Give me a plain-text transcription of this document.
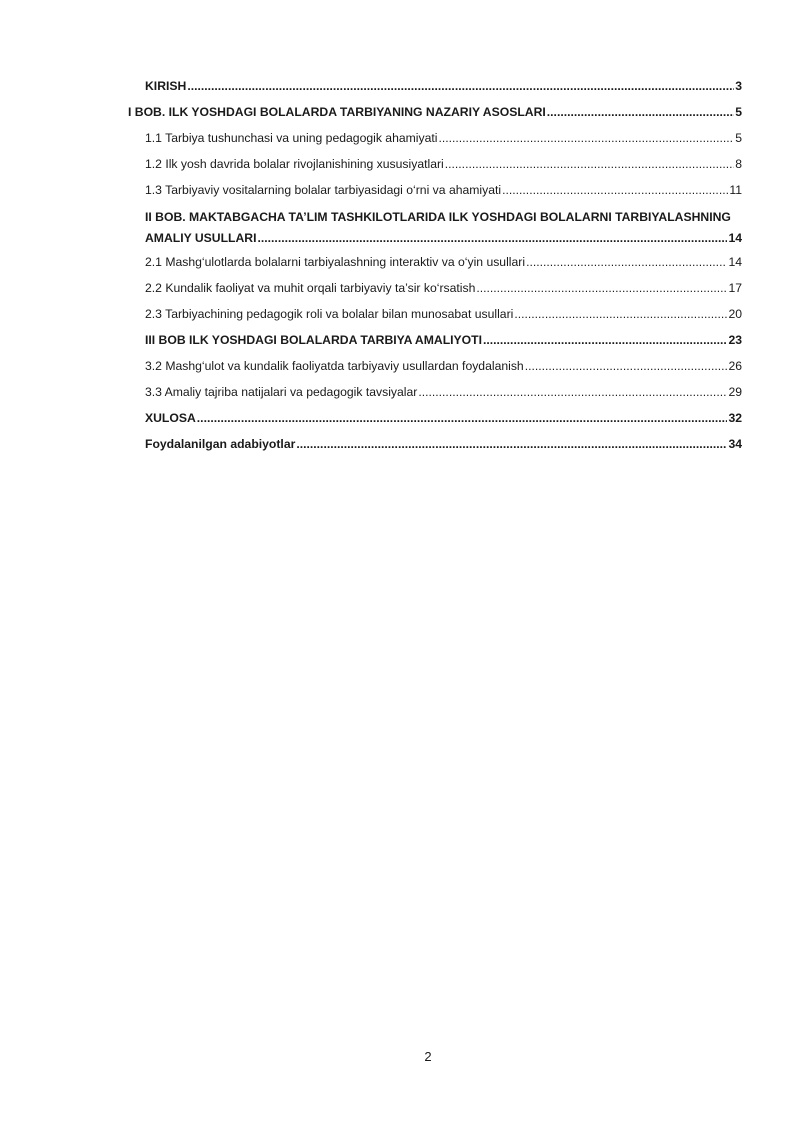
KIRISH .....	3
I BOB. ILK YOSHDAGI BOLALARDA TARBIYANING NAZARIY ASOSLARI .....	5
1.1 Tarbiya tushunchasi va uning pedagogik ahamiyati .....	5
1.2 Ilk yosh davrida bolalar rivojlanishining xususiyatlari .....	8
1.3 Tarbiyaviy vositalarning bolalar tarbiyasidagi o‘rni va ahamiyati .....	11
II BOB. MAKTABGACHA TA’LIM TASHKILOTLARIDA ILK YOSHDAGI BOLALARNI TARBIYALASHNING
AMALIY USULLARI .....	14
2.1 Mashg‘ulotlarda bolalarni tarbiyalashning interaktiv va o‘yin usullari .....	14
2.2 Kundalik faoliyat va muhit orqali tarbiyaviy ta’sir ko‘rsatish .....	17
2.3 Tarbiyachining pedagogik roli va bolalar bilan munosabat usullari .....	20
III BOB ILK YOSHDAGI BOLALARDA TARBIYA AMALIYOTI .....	23
3.2 Mashg‘ulot va kundalik faoliyatda tarbiyaviy usullardan foydalanish .....	26
3.3 Amaliy tajriba natijalari va pedagogik tavsiyalar .....	29
XULOSA .....	32
Foydalanilgan adabiyotlar .....	34
2
